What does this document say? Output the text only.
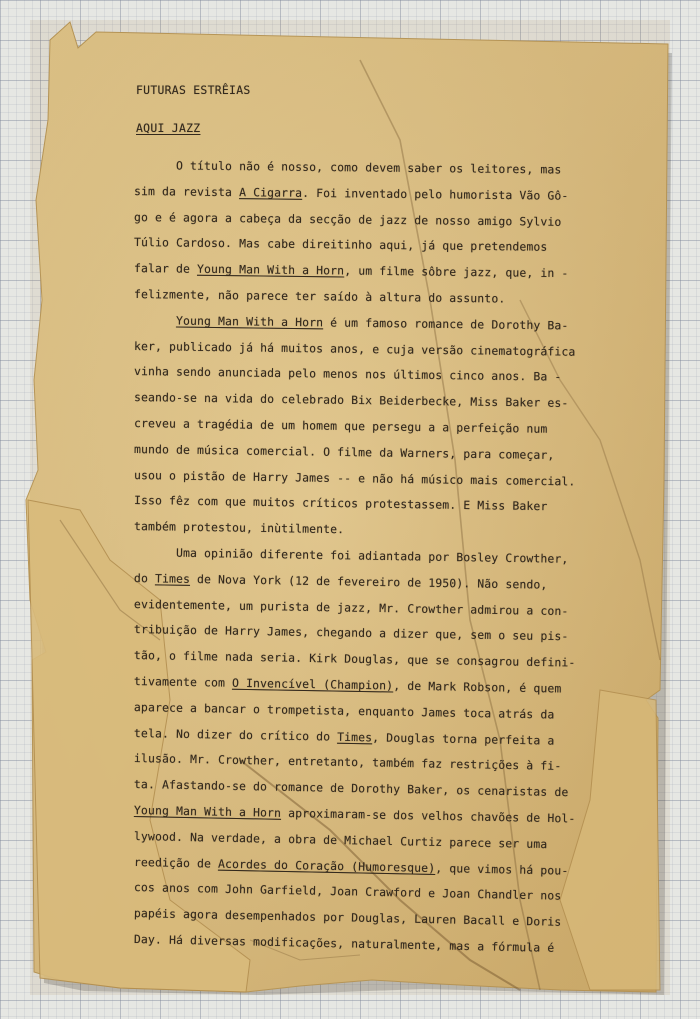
FUTURAS ESTRÊIAS
AQUI JAZZ
O título não é nosso, como devem saber os leitores, mas
sim da revista A Cigarra. Foi inventado pelo humorista Vão Gô-
go e é agora a cabeça da secção de jazz de nosso amigo Sylvio
Túlio Cardoso. Mas cabe direitinho aqui, já que pretendemos
falar de Young Man With a Horn, um filme sôbre jazz, que, in -
felizmente, não parece ter saído à altura do assunto.
Young Man With a Horn é um famoso romance de Dorothy Ba-
ker, publicado já há muitos anos, e cuja versão cinematográfica
vinha sendo anunciada pelo menos nos últimos cinco anos. Ba -
seando-se na vida do celebrado Bix Beiderbecke, Miss Baker es-
creveu a tragédia de um homem que persegu a a perfeição num
mundo de música comercial. O filme da Warners, para começar,
usou o pistão de Harry James -- e não há músico mais comercial.
Isso fêz com que muitos críticos protestassem. E Miss Baker
também protestou, inùtilmente.
Uma opinião diferente foi adiantada por Bosley Crowther,
do Times de Nova York (12 de fevereiro de 1950). Não sendo,
evidentemente, um purista de jazz, Mr. Crowther admirou a con-
tribuição de Harry James, chegando a dizer que, sem o seu pis-
tão, o filme nada seria. Kirk Douglas, que se consagrou defini-
tivamente com O Invencível (Champion), de Mark Robson, é quem
aparece a bancar o trompetista, enquanto James toca atrás da
tela. No dizer do crítico do Times, Douglas torna perfeita a
ilusão. Mr. Crowther, entretanto, também faz restrições à fi-
ta. Afastando-se do romance de Dorothy Baker, os cenaristas de
Young Man With a Horn aproximaram-se dos velhos chavões de Hol-
lywood. Na verdade, a obra de Michael Curtiz parece ser uma
reedição de Acordes do Coração (Humoresque), que vimos há pou-
cos anos com John Garfield, Joan Crawford e Joan Chandler nos
papéis agora desempenhados por Douglas, Lauren Bacall e Doris
Day. Há diversas modificações, naturalmente, mas a fórmula é
